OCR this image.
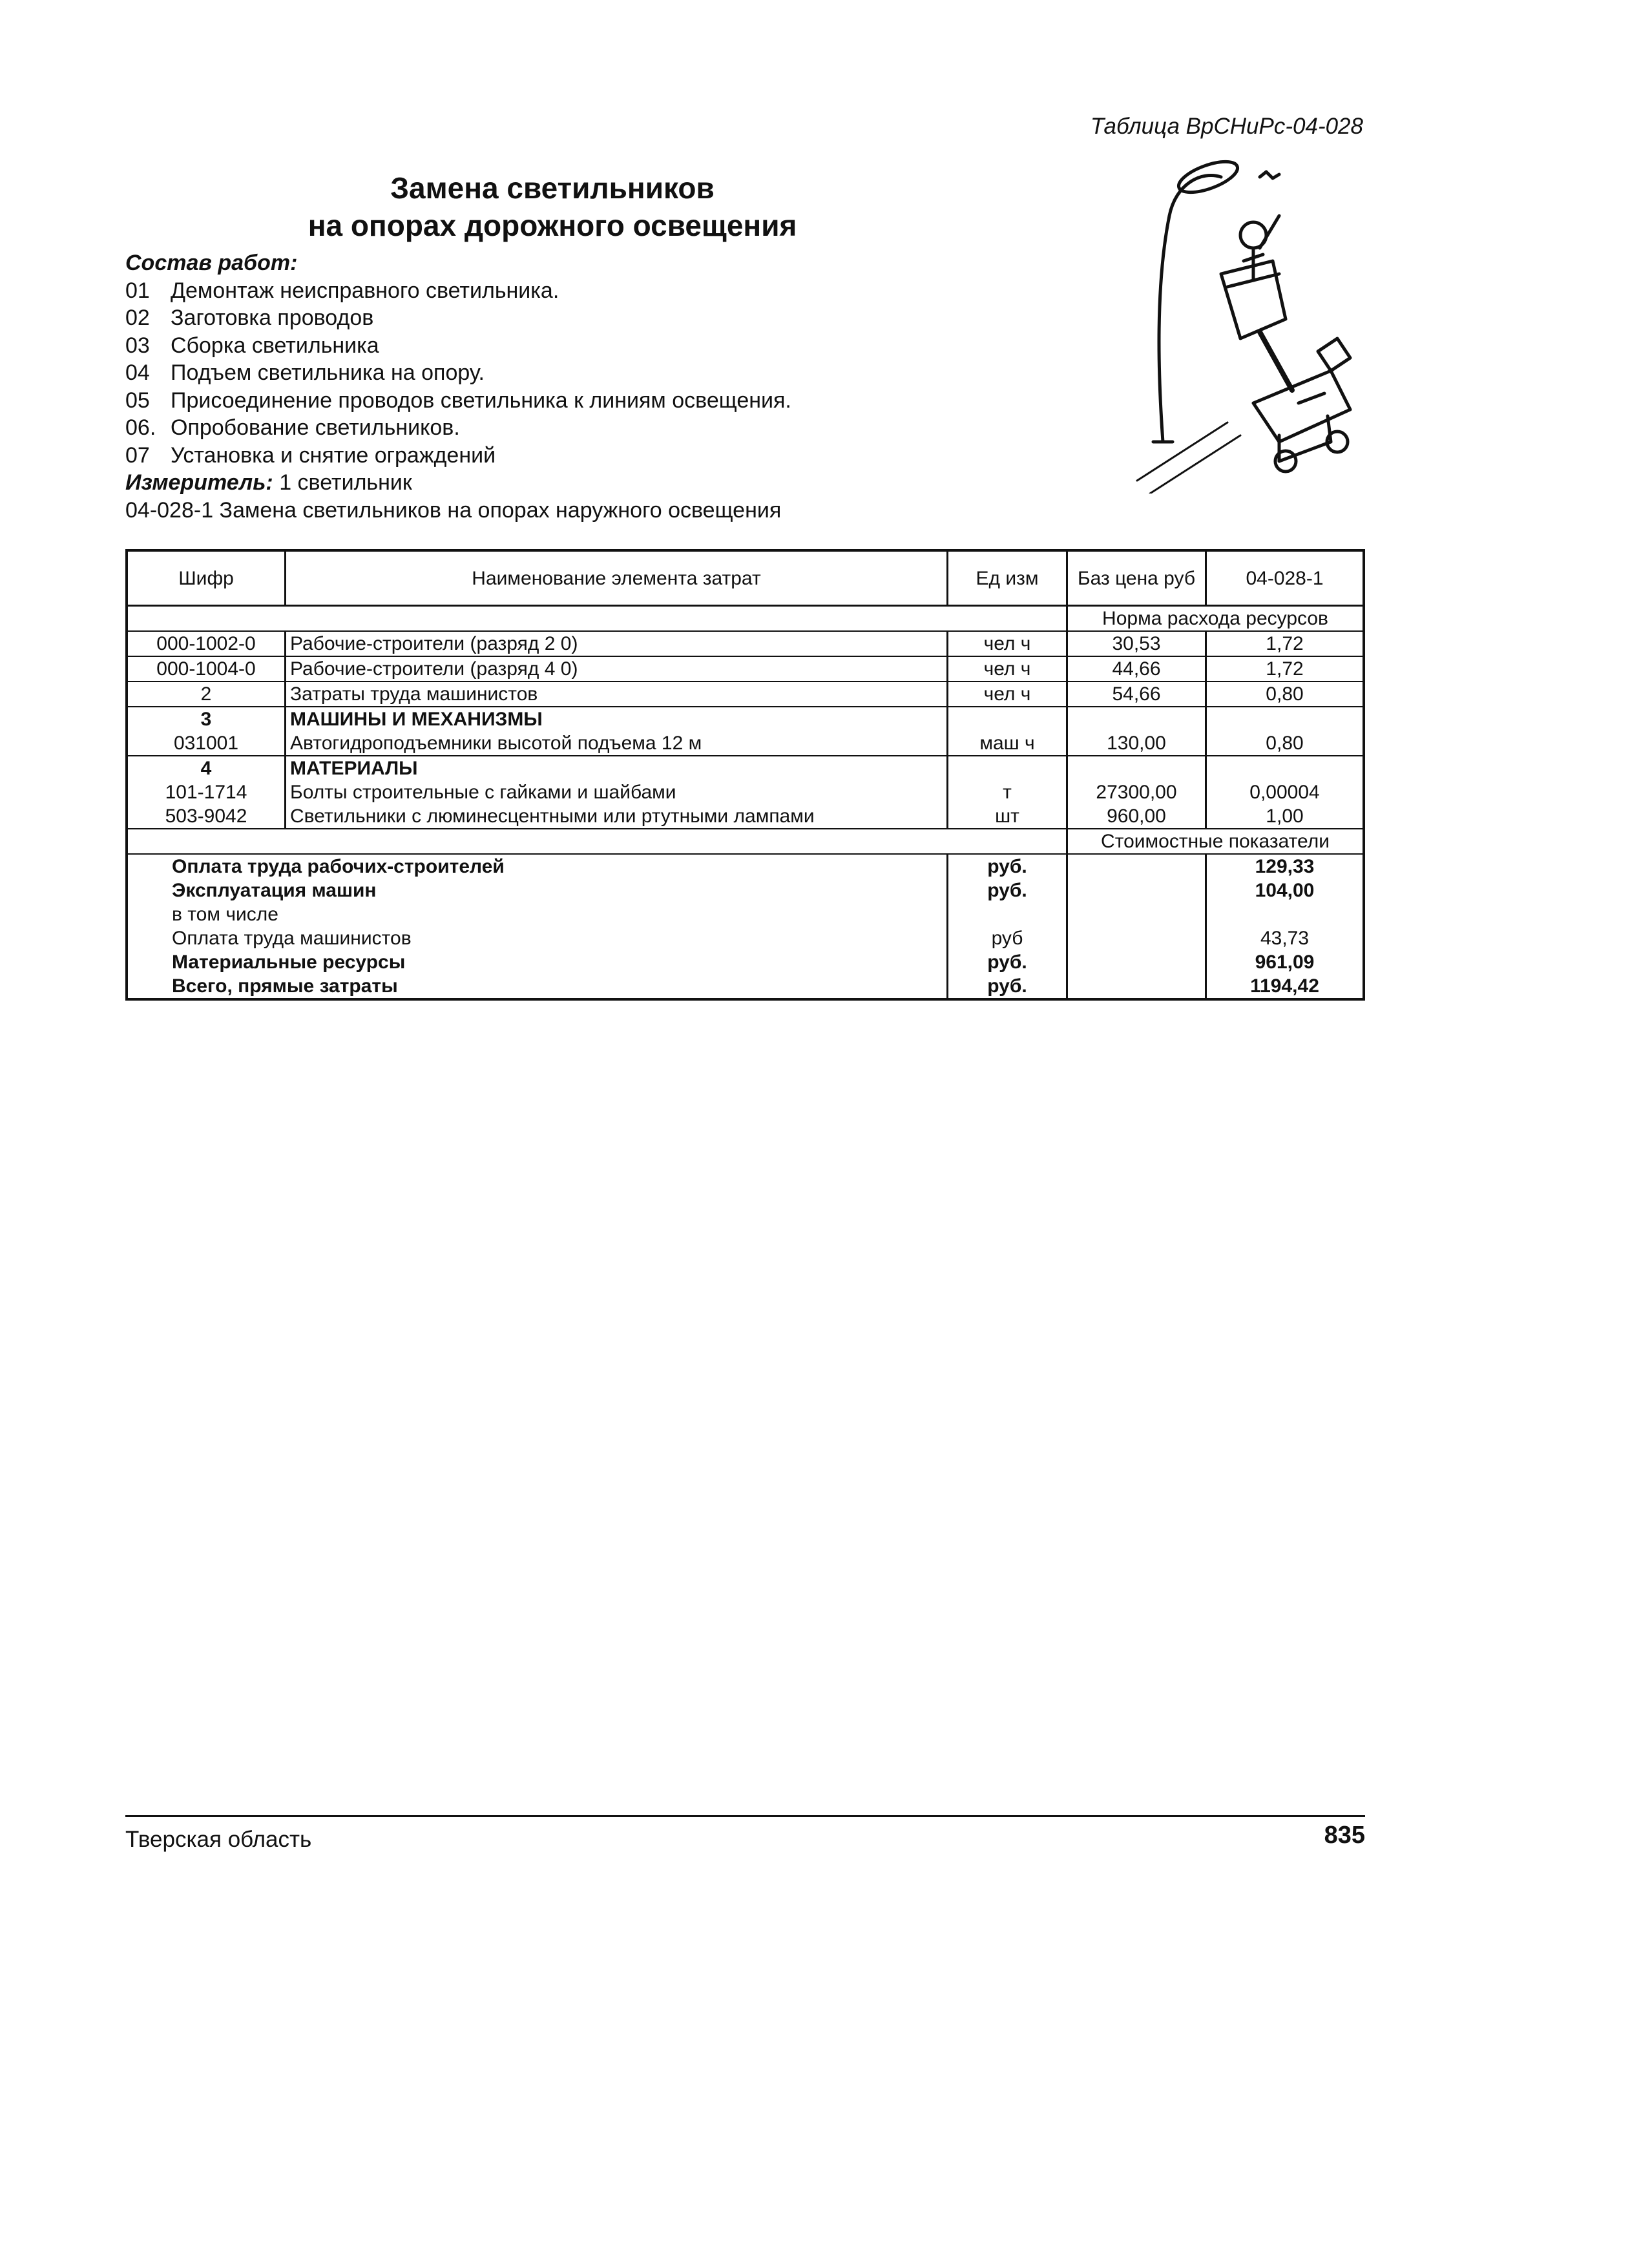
Таблица ВрСНиРс-04-028
Замена светильников
на опорах дорожного освещения
Состав работ:
01 Демонтаж неисправного светильника.
02 Заготовка проводов
03 Сборка светильника
04 Подъем светильника на опору.
05 Присоединение проводов светильника к линиям освещения.
06. Опробование светильников.
07 Установка и снятие ограждений
Измеритель: 1 светильник
04-028-1 Замена светильников на опорах наружного освещения
Шифр	Наименование элемента затрат	Ед изм	Баз цена руб	04-028-1
			Норма расхода ресурсов	
000-1002-0	Рабочие-строители (разряд 2 0)	чел ч	30,53	1,72
000-1004-0	Рабочие-строители (разряд 4 0)	чел ч	44,66	1,72
2	Затраты труда машинистов	чел ч	54,66	0,80
3	МАШИНЫ И МЕХАНИЗМЫ			
031001	Автогидроподъемники высотой подъема 12 м	маш ч	130,00	0,80
4	МАТЕРИАЛЫ			
101-1714	Болты строительные с гайками и шайбами	т	27300,00	0,00004
503-9042	Светильники с люминесцентными или ртутными лампами	шт	960,00	1,00
			Стоимостные показатели	
Оплата труда рабочих-строителей		руб.		129,33
Эксплуатация машин		руб.		104,00
в том числе				
Оплата труда машинистов		руб		43,73
Материальные ресурсы		руб.		961,09
Всего, прямые затраты		руб.		1194,42
Тверская область	835
